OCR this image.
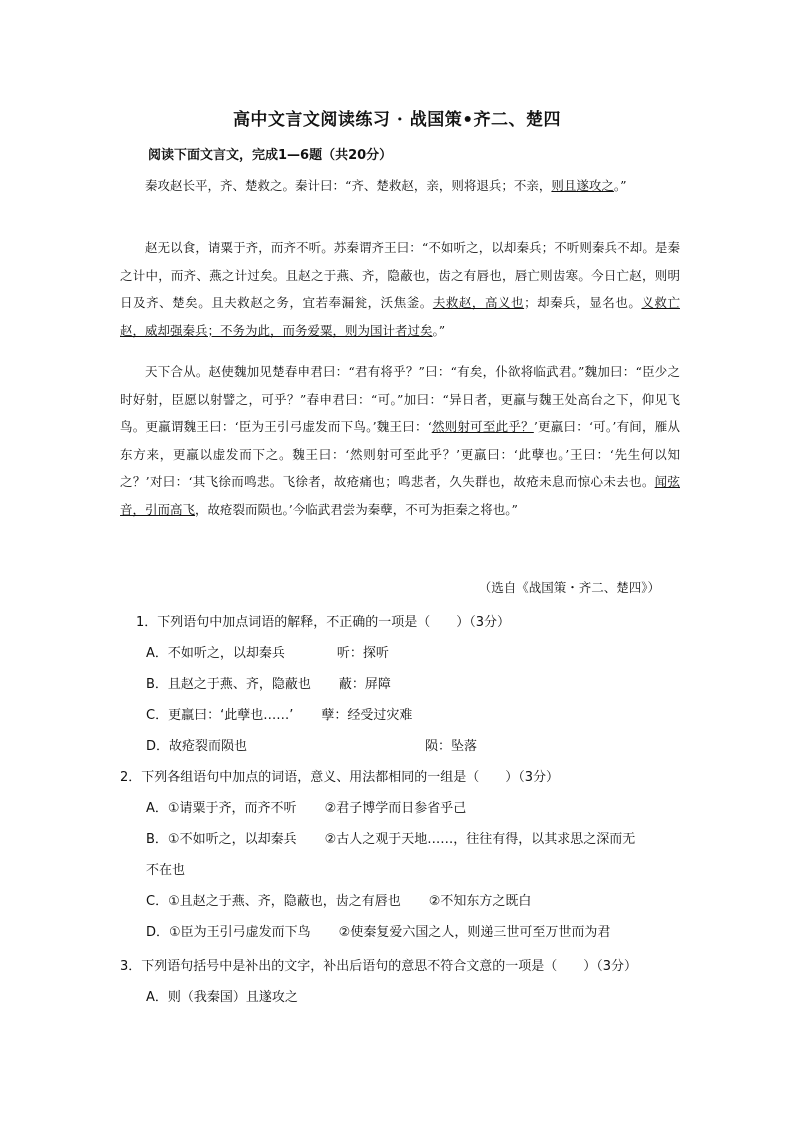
高中文言文阅读练习 · 战国策•齐二、楚四
阅读下面文言文，完成1—6题（共20分）
秦攻赵长平，齐、楚救之。秦计曰：“齐、楚救赵，亲，则将退兵；不亲，则且遂攻之。”
赵无以食，请粟于齐，而齐不听。苏秦谓齐王曰：“不如听之，以却秦兵；不听则秦兵不却。是秦之计中，而齐、燕之计过矣。且赵之于燕、齐，隐蔽也，齿之有唇也，唇亡则齿寒。今日亡赵，则明日及齐、楚矣。且夫救赵之务，宜若奉漏瓮，沃焦釜。夫救赵，高义也；却秦兵，显名也。义救亡赵，威却强秦兵；不务为此，而务爱粟，则为国计者过矣。”
天下合从。赵使魏加见楚春申君曰：“君有将乎？”曰：“有矣，仆欲将临武君。”魏加曰：“臣少之时好射，臣愿以射譬之，可乎？”春申君曰：“可。”加曰：“异日者，更羸与魏王处高台之下，仰见飞鸟。更羸谓魏王曰：‘臣为王引弓虚发而下鸟。’魏王曰：‘然则射可至此乎？’更羸曰：‘可。’有间，雁从东方来，更羸以虚发而下之。魏王曰：‘然则射可至此乎？’更羸曰：‘此孽也。’王曰：‘先生何以知之？’对曰：‘其飞徐而鸣悲。飞徐者，故疮痛也；鸣悲者，久失群也，故疮未息而惊心未去也。闻弦音，引而高飞，故疮裂而陨也。’今临武君尝为秦孽，不可为拒秦之将也。”
（选自《战国策・齐二、楚四》）
1．下列语句中加点词语的解释，不正确的一项是（　　）（3分）
A．不如听之，以却秦兵	听：探听
B．且赵之于燕、齐，隐蔽也 蔽：屏障
C．更羸曰：‘此孽也……’ 孽：经受过灾难
D．故疮裂而陨也	陨：坠落
2．下列各组语句中加点的词语，意义、用法都相同的一组是（　　）（3分）
A．①请粟于齐，而齐不听 ②君子博学而日参省乎己
B．①不如听之，以却秦兵 ②古人之观于天地……，往往有得，以其求思之深而无
不在也
C．①且赵之于燕、齐，隐蔽也，齿之有唇也 ②不知东方之既白
D．①臣为王引弓虚发而下鸟 ②使秦复爱六国之人，则递三世可至万世而为君
3．下列语句括号中是补出的文字，补出后语句的意思不符合文意的一项是（　　）（3分）
A．则（我秦国）且遂攻之
